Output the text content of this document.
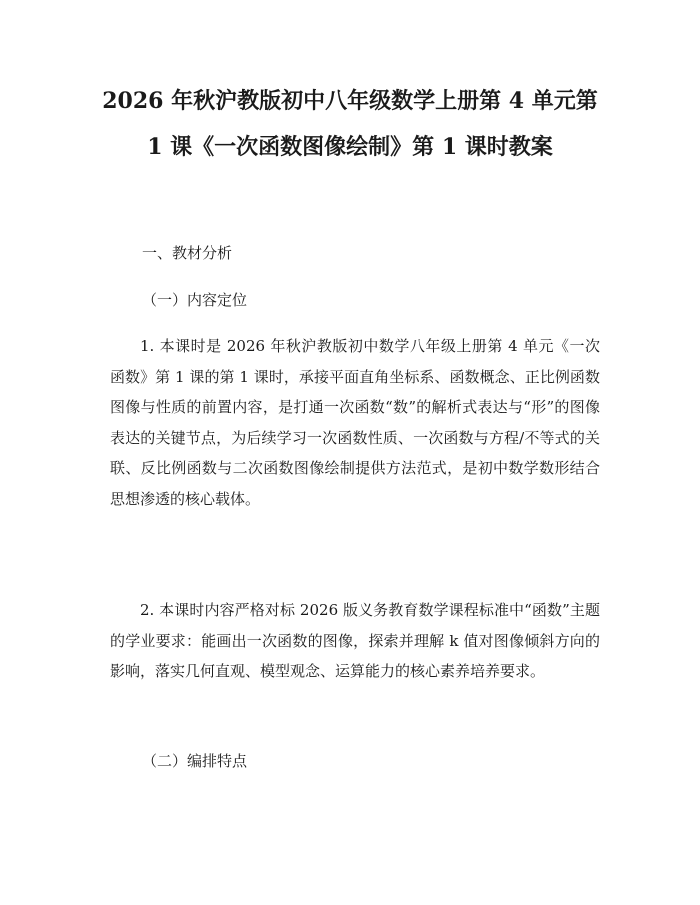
2026 年秋沪教版初中八年级数学上册第 4 单元第 1 课《一次函数图像绘制》第 1 课时教案

一、教材分析

（一）内容定位

1. 本课时是 2026 年秋沪教版初中数学八年级上册第 4 单元《一次函数》第 1 课的第 1 课时，承接平面直角坐标系、函数概念、正比例函数图像与性质的前置内容，是打通一次函数“数”的解析式表达与“形”的图像表达的关键节点，为后续学习一次函数性质、一次函数与方程/不等式的关联、反比例函数与二次函数图像绘制提供方法范式，是初中数学数形结合思想渗透的核心载体。

2. 本课时内容严格对标 2026 版义务教育数学课程标准中“函数”主题的学业要求：能画出一次函数的图像，探索并理解 k 值对图像倾斜方向的影响，落实几何直观、模型观念、运算能力的核心素养培养要求。

（二）编排特点
